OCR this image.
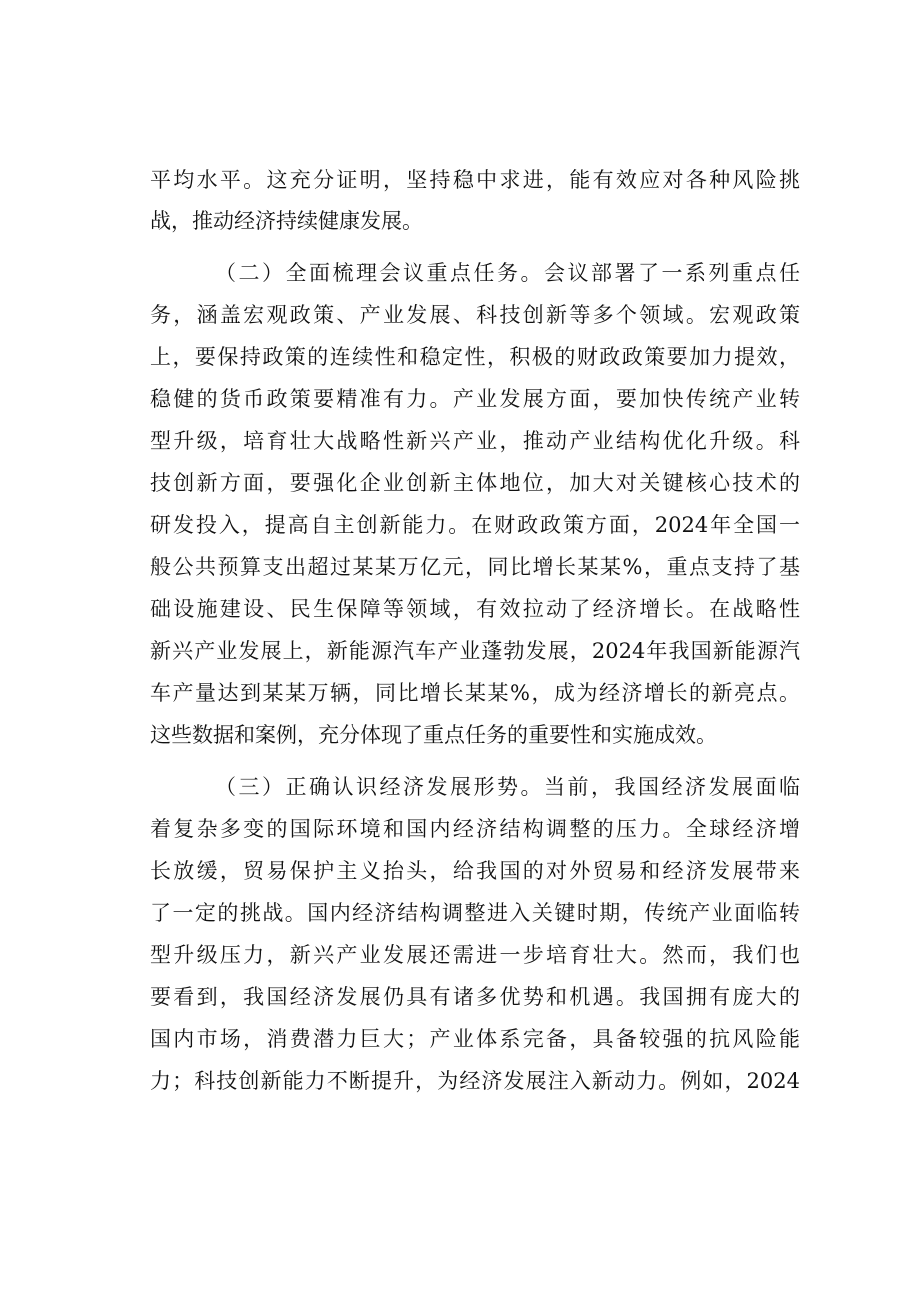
平均水平。这充分证明，坚持稳中求进，能有效应对各种风险挑
战，推动经济持续健康发展。
（二）全面梳理会议重点任务。会议部署了一系列重点任
务，涵盖宏观政策、产业发展、科技创新等多个领域。宏观政策
上，要保持政策的连续性和稳定性，积极的财政政策要加力提效，
稳健的货币政策要精准有力。产业发展方面，要加快传统产业转
型升级，培育壮大战略性新兴产业，推动产业结构优化升级。科
技创新方面，要强化企业创新主体地位，加大对关键核心技术的
研发投入，提高自主创新能力。在财政政策方面，2024年全国一
般公共预算支出超过某某万亿元，同比增长某某%，重点支持了基
础设施建设、民生保障等领域，有效拉动了经济增长。在战略性
新兴产业发展上，新能源汽车产业蓬勃发展，2024年我国新能源汽
车产量达到某某万辆，同比增长某某%，成为经济增长的新亮点。
这些数据和案例，充分体现了重点任务的重要性和实施成效。
（三）正确认识经济发展形势。当前，我国经济发展面临
着复杂多变的国际环境和国内经济结构调整的压力。全球经济增
长放缓，贸易保护主义抬头，给我国的对外贸易和经济发展带来
了一定的挑战。国内经济结构调整进入关键时期，传统产业面临转
型升级压力，新兴产业发展还需进一步培育壮大。然而，我们也
要看到，我国经济发展仍具有诸多优势和机遇。我国拥有庞大的
国内市场，消费潜力巨大；产业体系完备，具备较强的抗风险能
力；科技创新能力不断提升，为经济发展注入新动力。例如，2024
